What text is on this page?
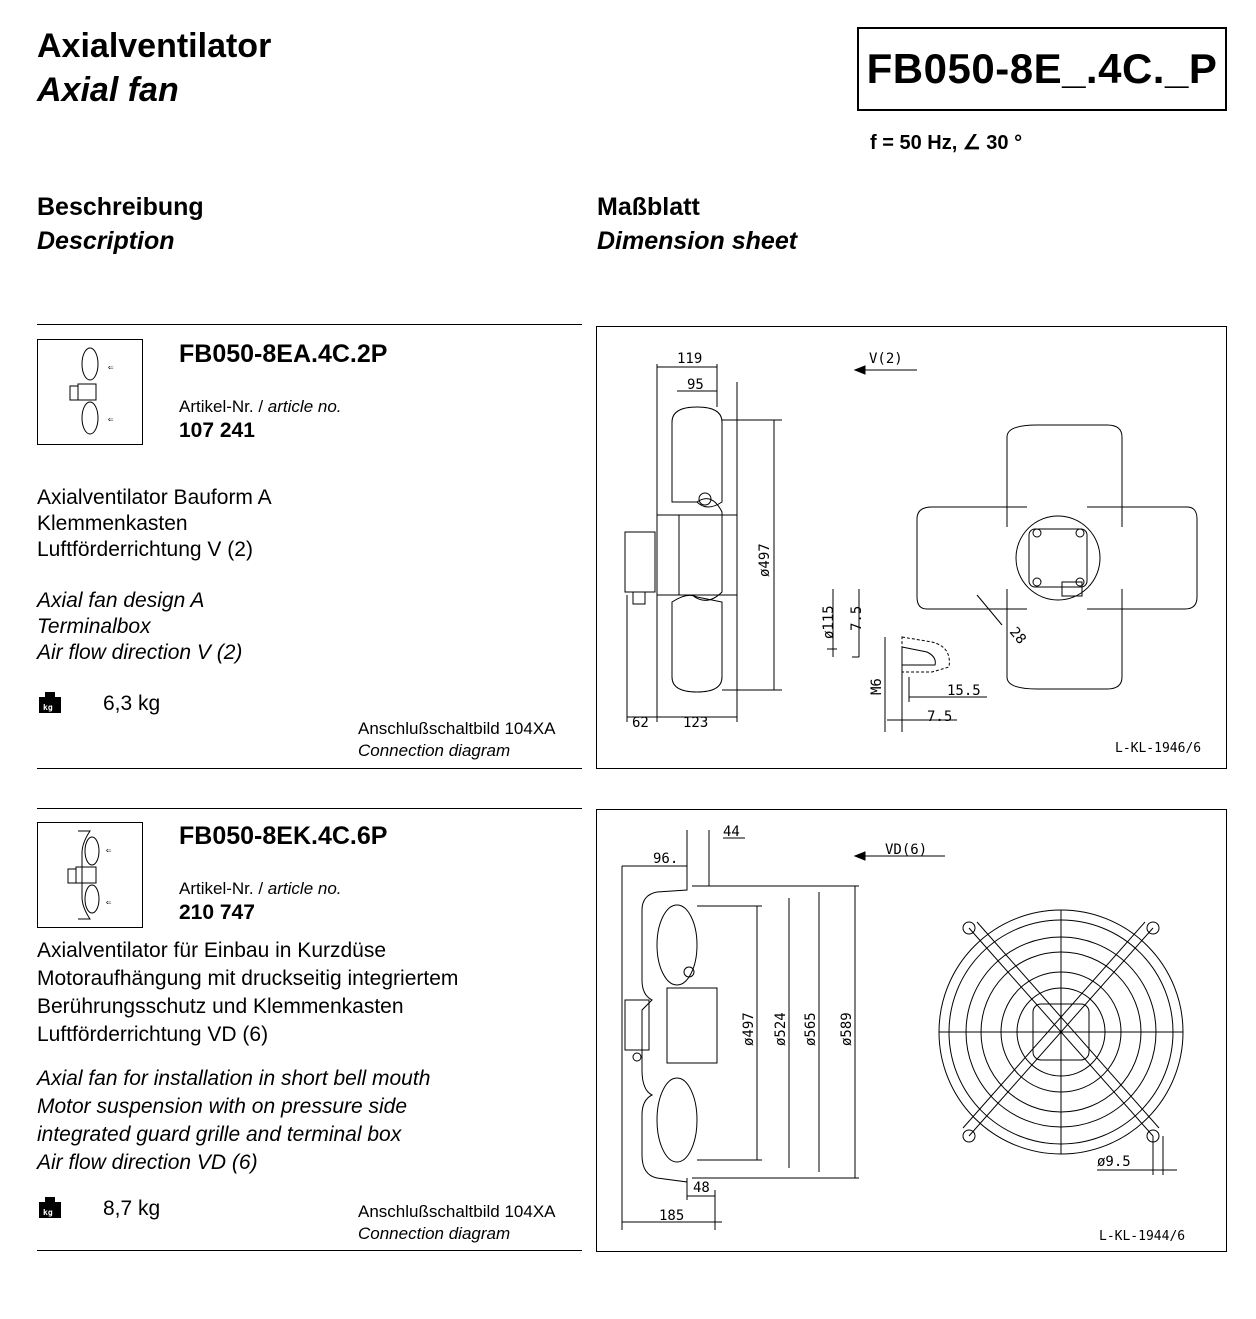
Axialventilator
Axial fan	FB050-8E_.4C._P
f = 50 Hz, ∠ 30 °
Beschreibung
Description
Maßblatt
Dimension sheet
⇐
⇐
FB050-8EA.4C.2P
Artikel-Nr. / article no.
107 241
Axialventilator Bauform A
Klemmenkasten
Luftförderrichtung V (2)
Axial fan design A
Terminalbox
Air flow direction V (2)
kg 6,3 kg
Anschlußschaltbild 104XA
Connection diagram
119
95
ø497
62 123
ø115 7.5
M6	15.5
7.5
28
V(2)
L-KL-1946/6
⇐
⇐
FB050-8EK.4C.6P
Artikel-Nr. / article no.
210 747
Axialventilator für Einbau in Kurzdüse
Motoraufhängung mit druckseitig integriertem
Berührungsschutz und Klemmenkasten
Luftförderrichtung VD (6)
Axial fan for installation in short bell mouth
Motor suspension with on pressure side
integrated guard grille and terminal box
Air flow direction VD (6)
kg 8,7 kg	Anschlußschaltbild 104XA
Connection diagram
44
96.
ø497 ø524 ø565 ø589
48
185
ø9.5
VD(6)
L-KL-1944/6
